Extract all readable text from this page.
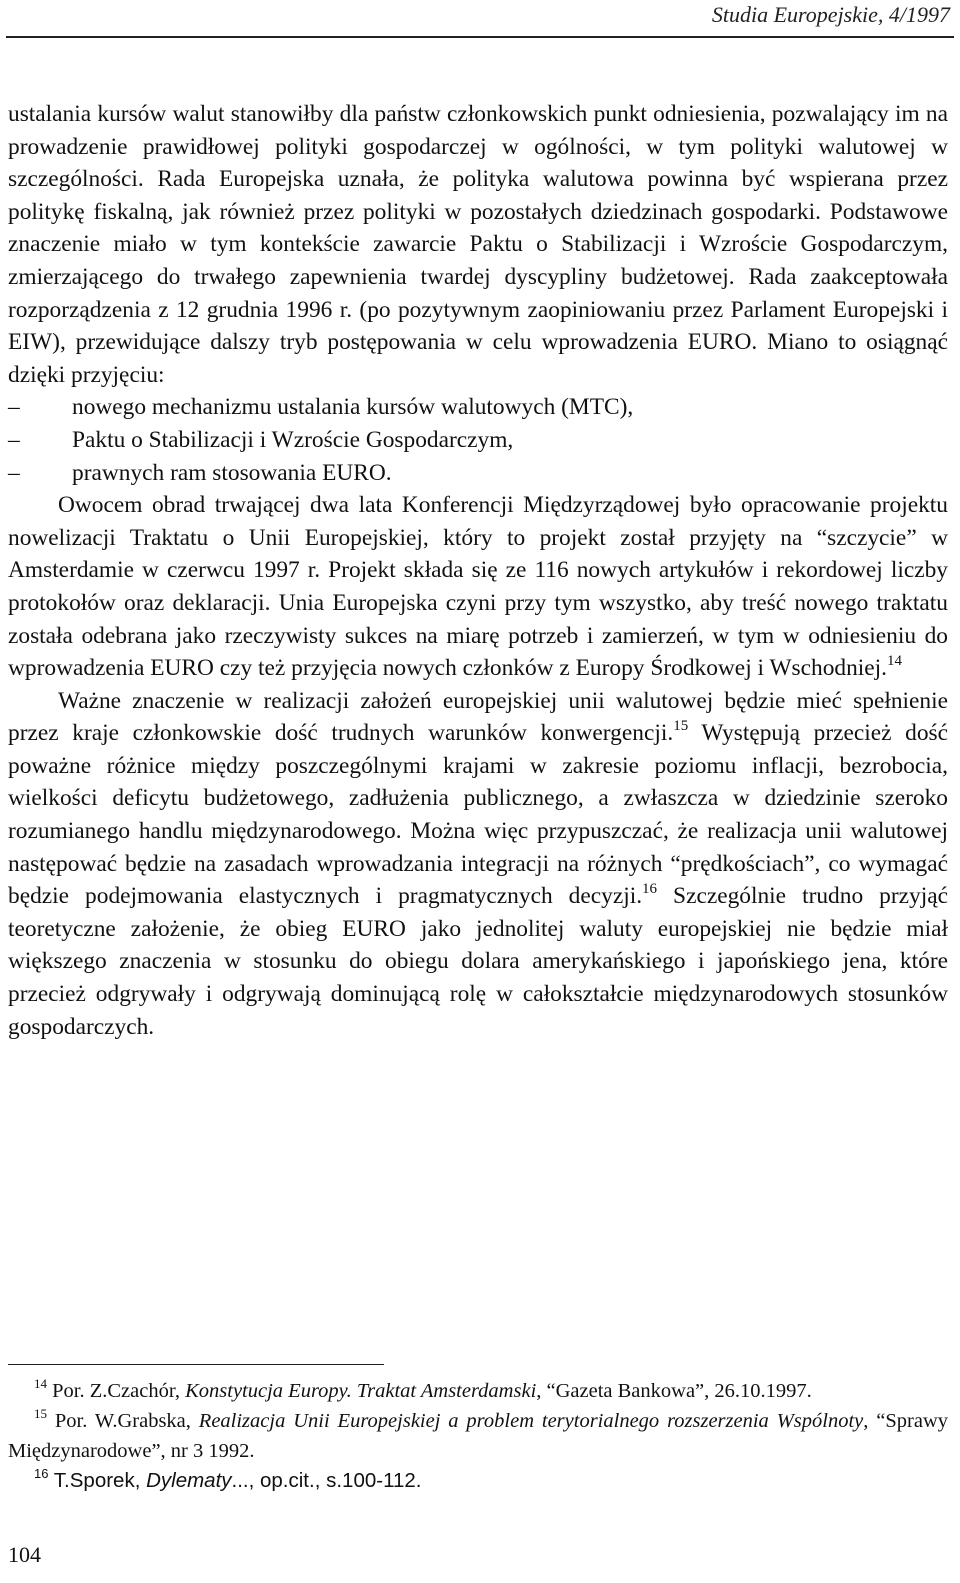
Studia Europejskie, 4/1997

ustalania kursów walut stanowiłby dla państw członkowskich punkt odniesienia, pozwalający im na prowadzenie prawidłowej polityki gospodarczej w ogólności, w tym polityki walutowej w szczególności. Rada Europejska uznała, że polityka walutowa powinna być wspierana przez politykę fiskalną, jak również przez polityki w pozostałych dziedzinach gospodarki. Podstawowe znaczenie miało w tym kontekście zawarcie Paktu o Stabilizacji i Wzroście Gospodarczym, zmierzającego do trwałego zapewnienia twardej dyscypliny budżetowej. Rada zaakceptowała rozporządzenia z 12 grudnia 1996 r. (po pozytywnym zaopiniowaniu przez Parlament Europejski i EIW), przewidujące dalszy tryb postępowania w celu wprowadzenia EURO. Miano to osiągnąć dzięki przyjęciu:

– nowego mechanizmu ustalania kursów walutowych (MTC),
– Paktu o Stabilizacji i Wzroście Gospodarczym,
– prawnych ram stosowania EURO.

Owocem obrad trwającej dwa lata Konferencji Międzyrządowej było opracowanie projektu nowelizacji Traktatu o Unii Europejskiej, który to projekt został przyjęty na “szczycie” w Amsterdamie w czerwcu 1997 r. Projekt składa się ze 116 nowych artykułów i rekordowej liczby protokołów oraz deklaracji. Unia Europejska czyni przy tym wszystko, aby treść nowego traktatu została odebrana jako rzeczywisty sukces na miarę potrzeb i zamierzeń, w tym w odniesieniu do wprowadzenia EURO czy też przyjęcia nowych członków z Europy Środkowej i Wschodniej.$^{14}$

Ważne znaczenie w realizacji założeń europejskiej unii walutowej będzie mieć spełnienie przez kraje członkowskie dość trudnych warunków konwergencji.$^{15}$ Występują przecież dość poważne różnice między poszczególnymi krajami w zakresie poziomu inflacji, bezrobocia, wielkości deficytu budżetowego, zadłużenia publicznego, a zwłaszcza w dziedzinie szeroko rozumianego handlu międzynarodowego. Można więc przypuszczać, że realizacja unii walutowej następować będzie na zasadach wprowadzania integracji na różnych “prędkościach”, co wymagać będzie podejmowania elastycznych i pragmatycznych decyzji.$^{16}$ Szczególnie trudno przyjąć teoretyczne założenie, że obieg EURO jako jednolitej waluty europejskiej nie będzie miał większego znaczenia w stosunku do obiegu dolara amerykańskiego i japońskiego jena, które przecież odgrywały i odgrywają dominującą rolę w całokształcie międzynarodowych stosunków gospodarczych.

$^{14}$ Por. Z.Czachór, Konstytucja Europy. Traktat Amsterdamski, “Gazeta Bankowa”, 26.10.1997.

$^{15}$ Por. W.Grabska, Realizacja Unii Europejskiej a problem terytorialnego rozszerzenia Wspólnoty, “Sprawy Międzynarodowe”, nr 3 1992.

$^{16}$ T.Sporek, Dylematy..., op.cit., s.100-112.

104
